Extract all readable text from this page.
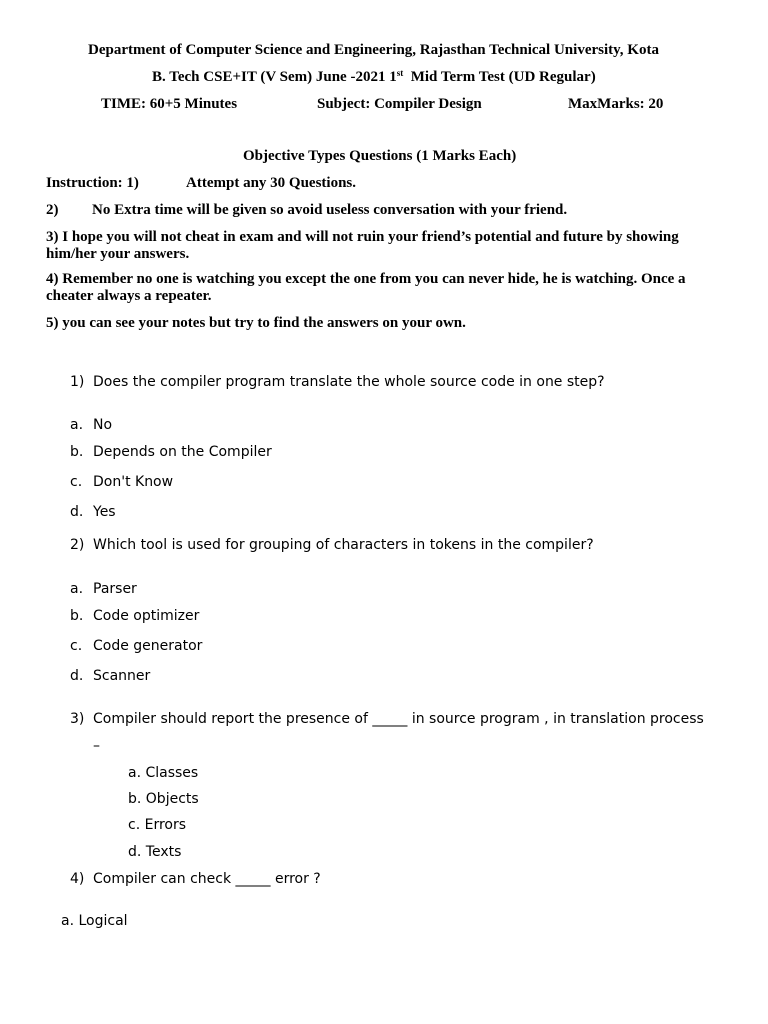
Department of Computer Science and Engineering, Rajasthan Technical University, Kota
B. Tech CSE+IT (V Sem) June -2021 1st Mid Term Test (UD Regular)
TIME: 60+5 Minutes	Subject: Compiler Design	MaxMarks: 20
Objective Types Questions (1 Marks Each)
Instruction: 1)	Attempt any 30 Questions.
2) No Extra time will be given so avoid useless conversation with your friend.
3) I hope you will not cheat in exam and will not ruin your friend’s potential and future by showing him/her your answers.
4) Remember no one is watching you except the one from you can never hide, he is watching. Once a cheater always a repeater.
5) you can see your notes but try to find the answers on your own.
1) Does the compiler program translate the whole source code in one step?
a. No
b. Depends on the Compiler
c. Don't Know
d. Yes
2) Which tool is used for grouping of characters in tokens in the compiler?
a. Parser
b. Code optimizer
c. Code generator
d. Scanner
3) Compiler should report the presence of _____ in source program , in translation process
–
a. Classes
b. Objects
c. Errors
d. Texts
4) Compiler can check _____ error ?
a. Logical
